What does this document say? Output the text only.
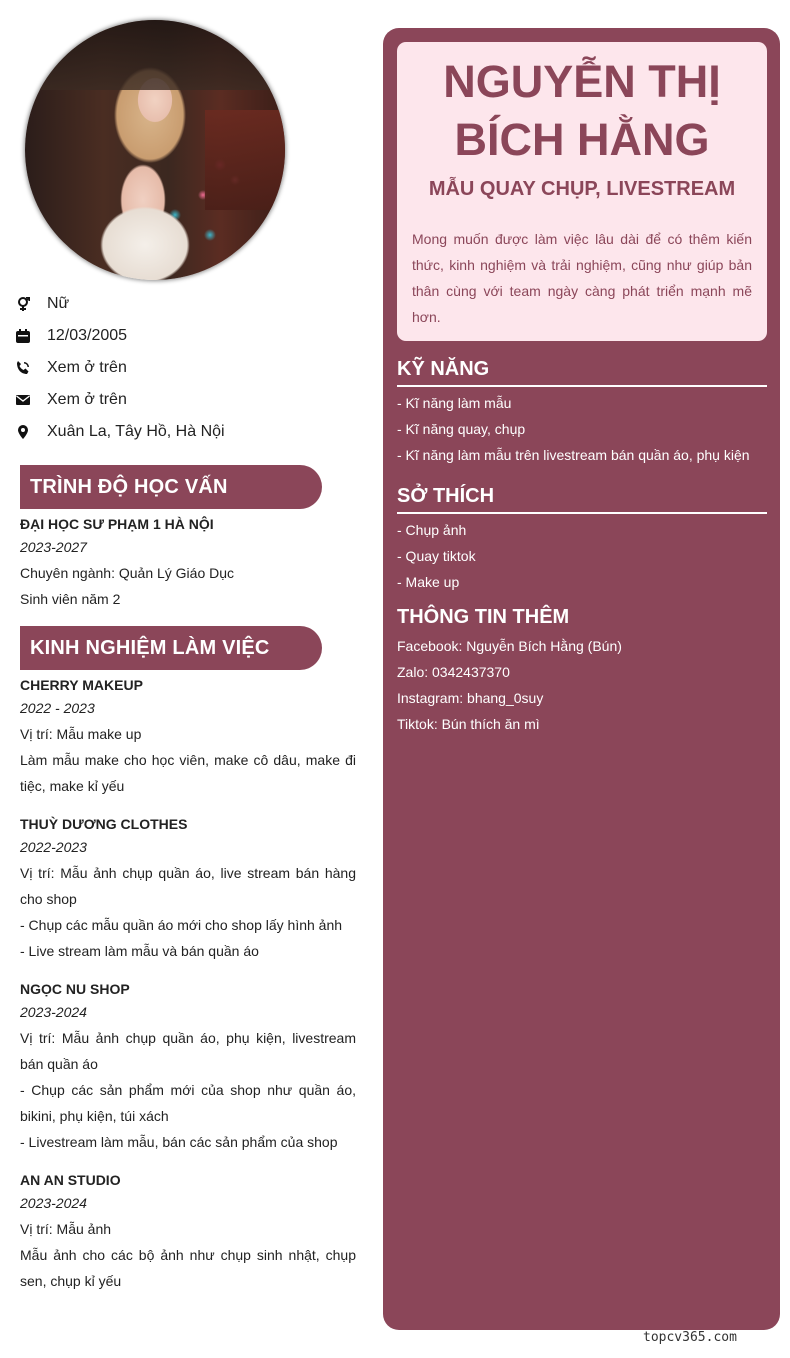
Nữ
12/03/2005
Xem ở trên
Xem ở trên
Xuân La, Tây Hồ, Hà Nội
TRÌNH ĐỘ HỌC VẤN
ĐẠI HỌC SƯ PHẠM 1 HÀ NỘI
2023-2027

Chuyên ngành: Quản Lý Giáo Dục

Sinh viên năm 2

KINH NGHIỆM LÀM VIỆC
CHERRY MAKEUP
2022 - 2023

Vị trí: Mẫu make up

Làm mẫu make cho học viên, make cô dâu, make đi tiệc, make kỉ yếu

THUỲ DƯƠNG CLOTHES
2022-2023

Vị trí: Mẫu ảnh chụp quần áo, live stream bán hàng cho shop

- Chụp các mẫu quần áo mới cho shop lấy hình ảnh

- Live stream làm mẫu và bán quần áo

NGỌC NU SHOP
2023-2024

Vị trí: Mẫu ảnh chụp quần áo, phụ kiện, livestream bán quần áo

- Chụp các sản phẩm mới của shop như quần áo, bikini, phụ kiện, túi xách

- Livestream làm mẫu, bán các sản phẩm của shop

AN AN STUDIO
2023-2024

Vị trí: Mẫu ảnh

Mẫu ảnh cho các bộ ảnh như chụp sinh nhật, chụp sen, chụp kỉ yếu

NGUYỄN THỊ
BÍCH HẰNG
MẪU QUAY CHỤP, LIVESTREAM
Mong muốn được làm việc lâu dài để có thêm kiến thức, kinh nghiệm và trải nghiệm, cũng như giúp bản thân cùng với team ngày càng phát triển mạnh mẽ hơn.
KỸ NĂNG
- Kĩ năng làm mẫu
- Kĩ năng quay, chụp
- Kĩ năng làm mẫu trên livestream bán quần áo, phụ kiện
SỞ THÍCH
- Chụp ảnh
- Quay tiktok
- Make up
THÔNG TIN THÊM
Facebook: Nguyễn Bích Hằng (Bún)
Zalo: 0342437370
Instagram: bhang_0suy
Tiktok: Bún thích ăn mì
topcv365.com
